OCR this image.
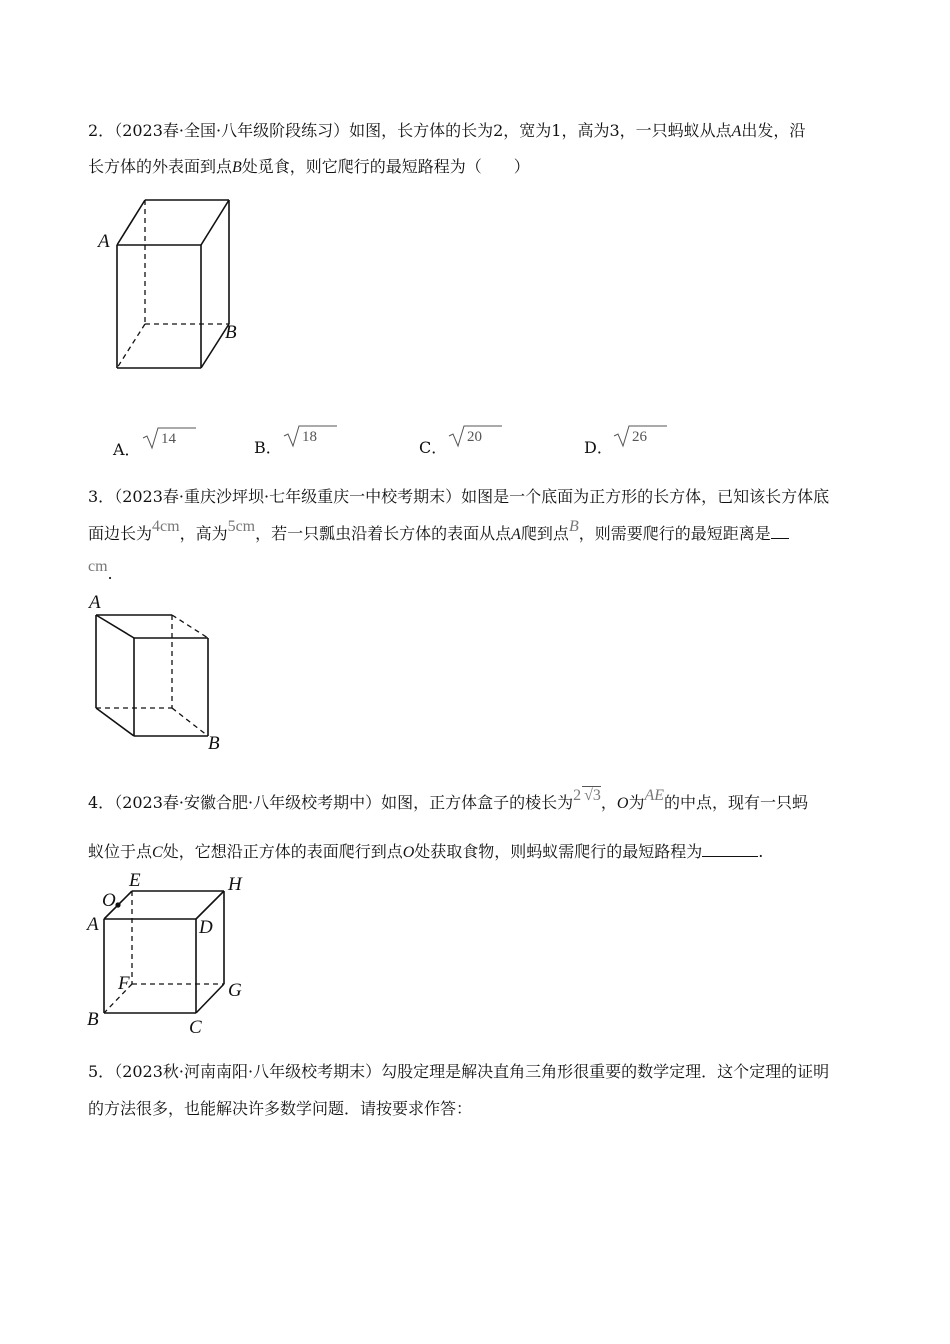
2．（2023春·全国·八年级阶段练习）如图，长方体的长为2，宽为1，高为3，一只蚂蚁从点A出发，沿
长方体的外表面到点B处觅食，则它爬行的最短路程为（　　）
A
B
A．
14	B．
18
C．
20
D．
26
3．（2023春·重庆沙坪坝·七年级重庆一中校考期末）如图是一个底面为正方形的长方体，已知该长方体底
面边长为4cm，高为5cm，若一只瓢虫沿着长方体的表面从点A爬到点B，则需要爬行的最短距离是
cm.
A
B
4．（2023春·安徽合肥·八年级校考期中）如图，正方体盒子的棱长为2 √3，O为AE的中点，现有一只蚂
蚁位于点C处，它想沿正方体的表面爬行到点O处获取食物，则蚂蚁需爬行的最短路程为	.
O
E	H
A	D
F	G
B	C
5．（2023秋·河南南阳·八年级校考期末）勾股定理是解决直角三角形很重要的数学定理．这个定理的证明
的方法很多，也能解决许多数学问题．请按要求作答：
